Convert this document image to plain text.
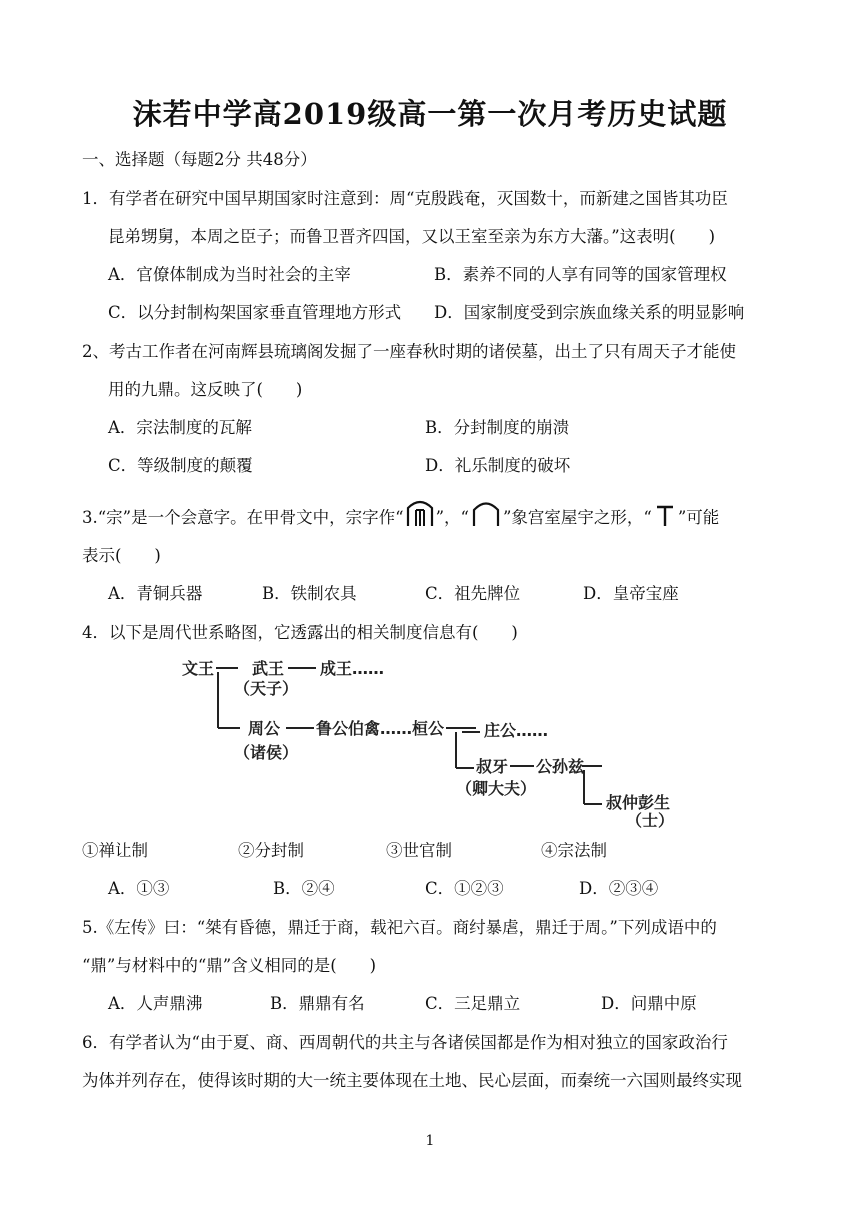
沫若中学高2019级高一第一次月考历史试题
一、选择题（每题2分 共48分）
1．有学者在研究中国早期国家时注意到：周“克殷践奄，灭国数十，而新建之国皆其功臣
昆弟甥舅，本周之臣子；而鲁卫晋齐四国，又以王室至亲为东方大藩。”这表明(　　)
A．官僚体制成为当时社会的主宰	B．素养不同的人享有同等的国家管理权
C．以分封制构架国家垂直管理地方形式 D．国家制度受到宗族血缘关系的明显影响
2、考古工作者在河南辉县琉璃阁发掘了一座春秋时期的诸侯墓，出土了只有周天子才能使
用的九鼎。这反映了(　　)
A．宗法制度的瓦解	B．分封制度的崩溃
C．等级制度的颠覆	D．礼乐制度的破坏
3.“宗”是一个会意字。在甲骨文中，宗字作“ ”，“ ”象宫室屋宇之形，“ ”可能
表示(　　)
A．青铜兵器	B．铁制农具	C．祖先牌位	D．皇帝宝座
4．以下是周代世系略图，它透露出的相关制度信息有(　　)
文王 武王 成王……
（天子）
周公 鲁公伯禽……桓公
（诸侯）
庄公……
叔牙 公孙兹
（卿大夫）
叔仲彭生
（士）
①禅让制	②分封制	③世官制	④宗法制
A．①③	B．②④	C．①②③	D．②③④
5.《左传》曰：“桀有昏德，鼎迁于商，载祀六百。商纣暴虐，鼎迁于周。”下列成语中的
“鼎”与材料中的“鼎”含义相同的是(　　)
A．人声鼎沸	B．鼎鼎有名	C．三足鼎立	D．问鼎中原
6．有学者认为“由于夏、商、西周朝代的共主与各诸侯国都是作为相对独立的国家政治行
为体并列存在，使得该时期的大一统主要体现在土地、民心层面，而秦统一六国则最终实现
1
